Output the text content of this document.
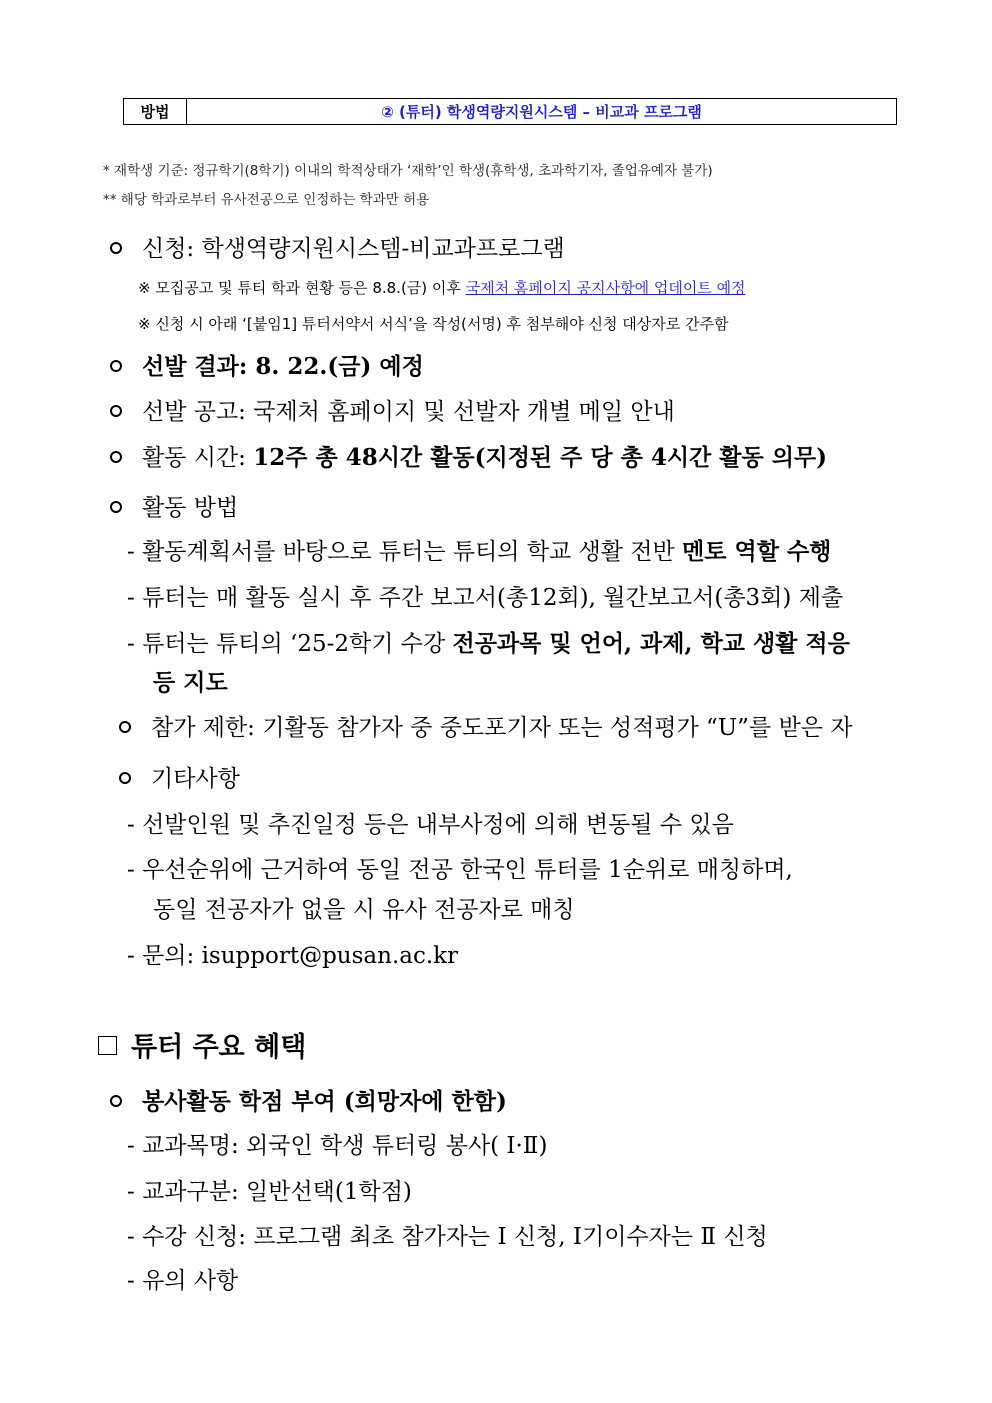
방법	② (튜터) 학생역량지원시스템 – 비교과 프로그램
* 재학생 기준: 정규학기(8학기) 이내의 학적상태가 ‘재학’인 학생(휴학생, 초과학기자, 졸업유예자 불가)
** 해당 학과로부터 유사전공으로 인정하는 학과만 허용
신청: 학생역량지원시스템-비교과프로그램
※ 모집공고 및 튜티 학과 현황 등은 8.8.(금) 이후 국제처 홈페이지 공지사항에 업데이트 예정
※ 신청 시 아래 ‘[붙임1] 튜터서약서 서식’을 작성(서명) 후 첨부해야 신청 대상자로 간주함
선발 결과: 8. 22.(금) 예정
선발 공고: 국제처 홈페이지 및 선발자 개별 메일 안내
활동 시간: 12주 총 48시간 활동(지정된 주 당 총 4시간 활동 의무)
활동 방법
- 활동계획서를 바탕으로 튜터는 튜티의 학교 생활 전반 멘토 역할 수행
- 튜터는 매 활동 실시 후 주간 보고서(총12회), 월간보고서(총3회) 제출
- 튜터는 튜티의 ‘25-2학기 수강 전공과목 및 언어, 과제, 학교 생활 적응
등 지도
참가 제한: 기활동 참가자 중 중도포기자 또는 성적평가 “U”를 받은 자
기타사항
- 선발인원 및 추진일정 등은 내부사정에 의해 변동될 수 있음
- 우선순위에 근거하여 동일 전공 한국인 튜터를 1순위로 매칭하며,
동일 전공자가 없을 시 유사 전공자로 매칭
- 문의: isupport@pusan.ac.kr
튜터 주요 혜택
봉사활동 학점 부여 (희망자에 한함)
- 교과목명: 외국인 학생 튜터링 봉사( Ⅰ·Ⅱ)
- 교과구분: 일반선택(1학점)
- 수강 신청: 프로그램 최초 참가자는 Ⅰ 신청, Ⅰ기이수자는 Ⅱ 신청
- 유의 사항
